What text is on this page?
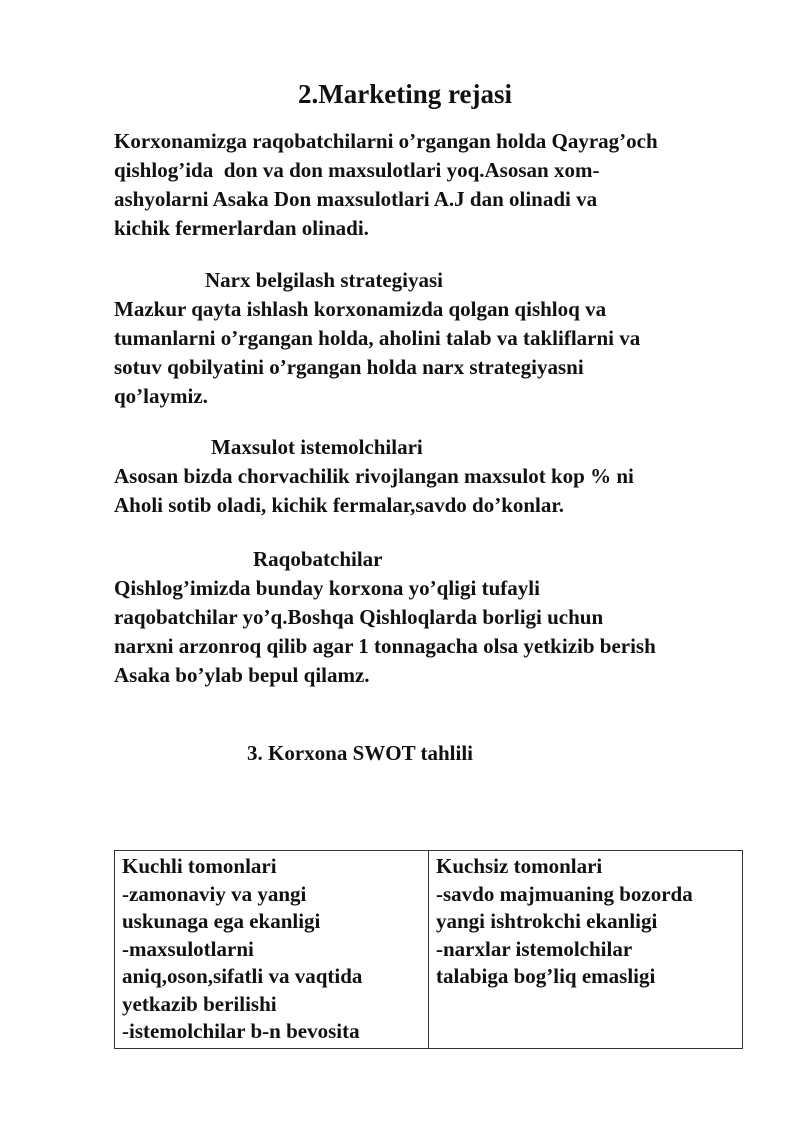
2.Marketing rejasi
Korxonamizga raqobatchilarni o’rgangan holda Qayrag’och
qishlog’ida  don va don maxsulotlari yoq.Asosan xom-
ashyolarni Asaka Don maxsulotlari A.J dan olinadi va
kichik fermerlardan olinadi.
Narx belgilash strategiyasi
Mazkur qayta ishlash korxonamizda qolgan qishloq va
tumanlarni o’rgangan holda, aholini talab va takliflarni va
sotuv qobilyatini o’rgangan holda narx strategiyasni
qo’laymiz.
Maxsulot istemolchilari
Asosan bizda chorvachilik rivojlangan maxsulot kop % ni
Aholi sotib oladi, kichik fermalar,savdo do’konlar.
Raqobatchilar
Qishlog’imizda bunday korxona yo’qligi tufayli
raqobatchilar yo’q.Boshqa Qishloqlarda borligi uchun
narxni arzonroq qilib agar 1 tonnagacha olsa yetkizib berish
Asaka bo’ylab bepul qilamz.
3. Korxona SWOT tahlili
Kuchli tomonlari
-zamonaviy va yangi
uskunaga ega ekanligi
-maxsulotlarni
aniq,oson,sifatli va vaqtida
yetkazib berilishi
-istemolchilar b-n bevosita

Kuchsiz tomonlari
-savdo majmuaning bozorda
yangi ishtrokchi ekanligi
-narxlar istemolchilar
talabiga bog’liq emasligi
